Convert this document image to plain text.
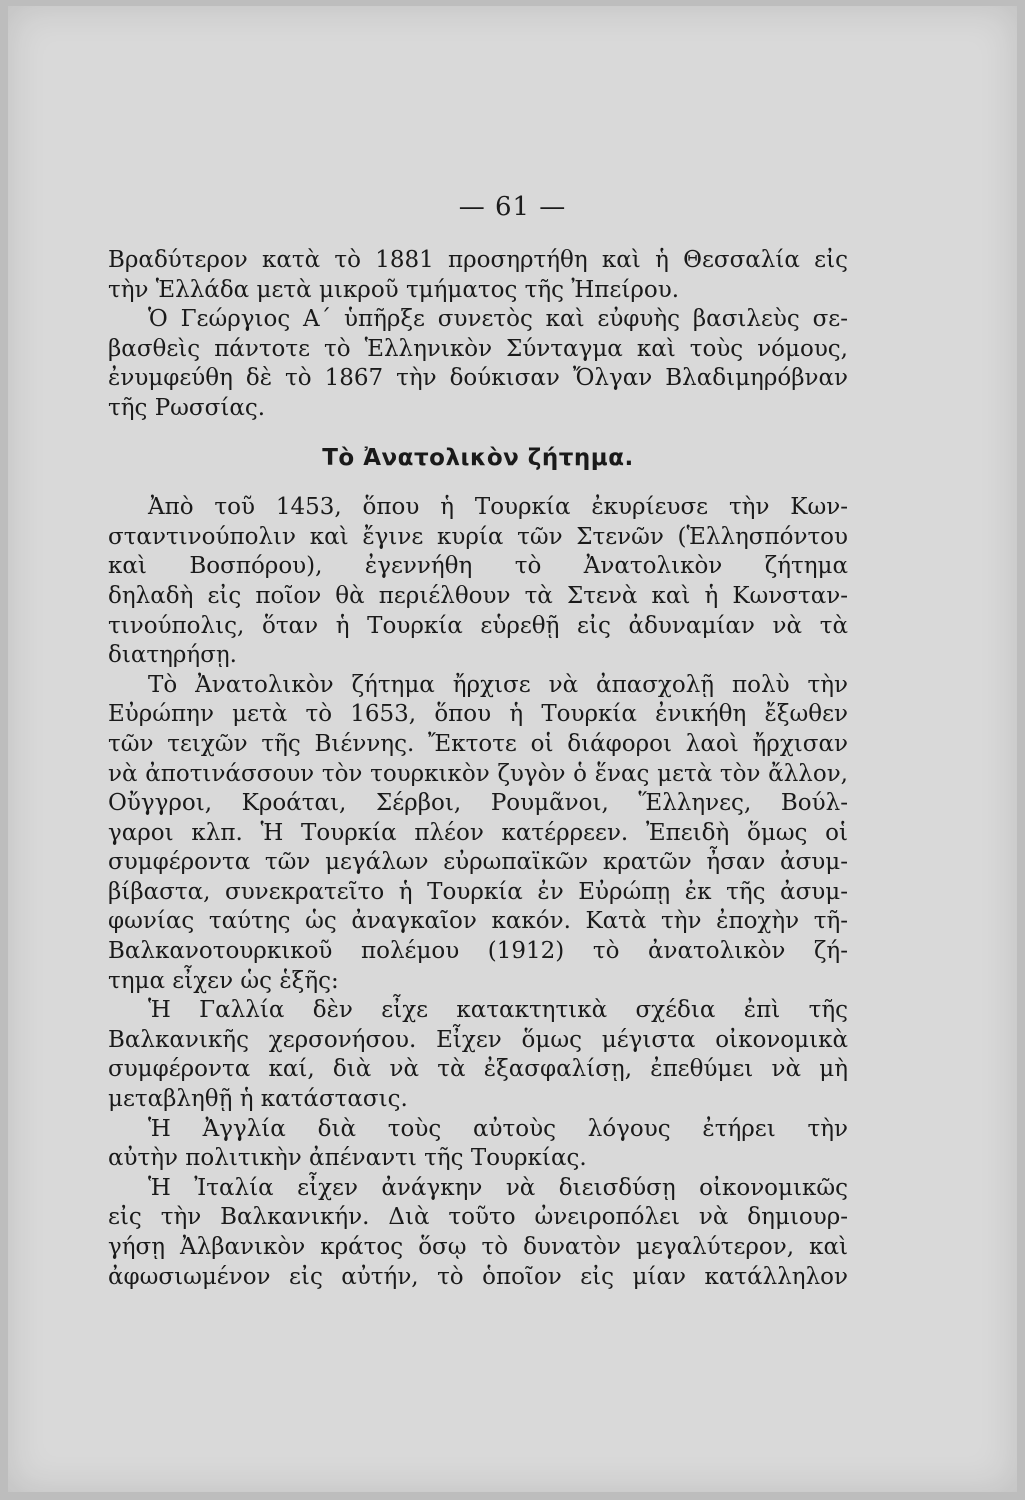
— 61 —
Βραδύτερον κατὰ τὸ 1881 προσηρτήθη καὶ ἡ Θεσσαλία εἰς
τὴν Ἑλλάδα μετὰ μικροῦ τμήματος τῆς Ἠπείρου.
Ὁ Γεώργιος Α΄ ὑπῆρξε συνετὸς καὶ εὐφυὴς βασιλεὺς σε-
βασθεὶς πάντοτε τὸ Ἑλληνικὸν Σύνταγμα καὶ τοὺς νόμους,
ἐνυμφεύθη δὲ τὸ 1867 τὴν δούκισαν Ὄλγαν Βλαδιμηρόβναν
τῆς Ρωσσίας.
Τὸ Ἀνατολικὸν ζήτημα.
Ἀπὸ τοῦ 1453, ὅπου ἡ Τουρκία ἐκυρίευσε τὴν Κων-
σταντινούπολιν καὶ ἔγινε κυρία τῶν Στενῶν (Ἑλλησπόντου
καὶ Βοσπόρου), ἐγεννήθη τὸ Ἀνατολικὸν ζήτημα
δηλαδὴ εἰς ποῖον θὰ περιέλθουν τὰ Στενὰ καὶ ἡ Κωνσταν-
τινούπολις, ὅταν ἡ Τουρκία εὑρεθῇ εἰς ἀδυναμίαν νὰ τὰ
διατηρήσῃ.
Τὸ Ἀνατολικὸν ζήτημα ἤρχισε νὰ ἀπασχολῇ πολὺ τὴν
Εὐρώπην μετὰ τὸ 1653, ὅπου ἡ Τουρκία ἐνικήθη ἔξωθεν
τῶν τειχῶν τῆς Βιέννης. Ἔκτοτε οἱ διάφοροι λαοὶ ἤρχισαν
νὰ ἀποτινάσσουν τὸν τουρκικὸν ζυγὸν ὁ ἕνας μετὰ τὸν ἄλλον,
Οὔγγροι, Κροάται, Σέρβοι, Ρουμᾶνοι, Ἕλληνες, Βούλ-
γαροι κλπ. Ἡ Τουρκία πλέον κατέρρεεν. Ἐπειδὴ ὅμως οἱ
συμφέροντα τῶν μεγάλων εὐρωπαϊκῶν κρατῶν ἦσαν ἀσυμ-
βίβαστα, συνεκρατεῖτο ἡ Τουρκία ἐν Εὐρώπῃ ἐκ τῆς ἀσυμ-
φωνίας ταύτης ὡς ἀναγκαῖον κακόν. Κατὰ τὴν ἐποχὴν τῆ-
Βαλκανοτουρκικοῦ πολέμου (1912) τὸ ἀνατολικὸν ζή-
τημα εἶχεν ὡς ἑξῆς:
Ἡ Γαλλία δὲν εἶχε κατακτητικὰ σχέδια ἐπὶ τῆς
Βαλκανικῆς χερσονήσου. Εἶχεν ὅμως μέγιστα οἰκονομικὰ
συμφέροντα καί, διὰ νὰ τὰ ἐξασφαλίσῃ, ἐπεθύμει νὰ μὴ
μεταβληθῇ ἡ κατάστασις.
Ἡ Ἀγγλία διὰ τοὺς αὐτοὺς λόγους ἐτήρει τὴν
αὐτὴν πολιτικὴν ἀπέναντι τῆς Τουρκίας.
Ἡ Ἰταλία εἶχεν ἀνάγκην νὰ διεισδύσῃ οἰκονομικῶς
εἰς τὴν Βαλκανικήν. Διὰ τοῦτο ὠνειροπόλει νὰ δημιουρ-
γήσῃ Ἀλβανικὸν κράτος ὅσῳ τὸ δυνατὸν μεγαλύτερον, καὶ
ἀφωσιωμένον εἰς αὐτήν, τὸ ὁποῖον εἰς μίαν κατάλληλον
